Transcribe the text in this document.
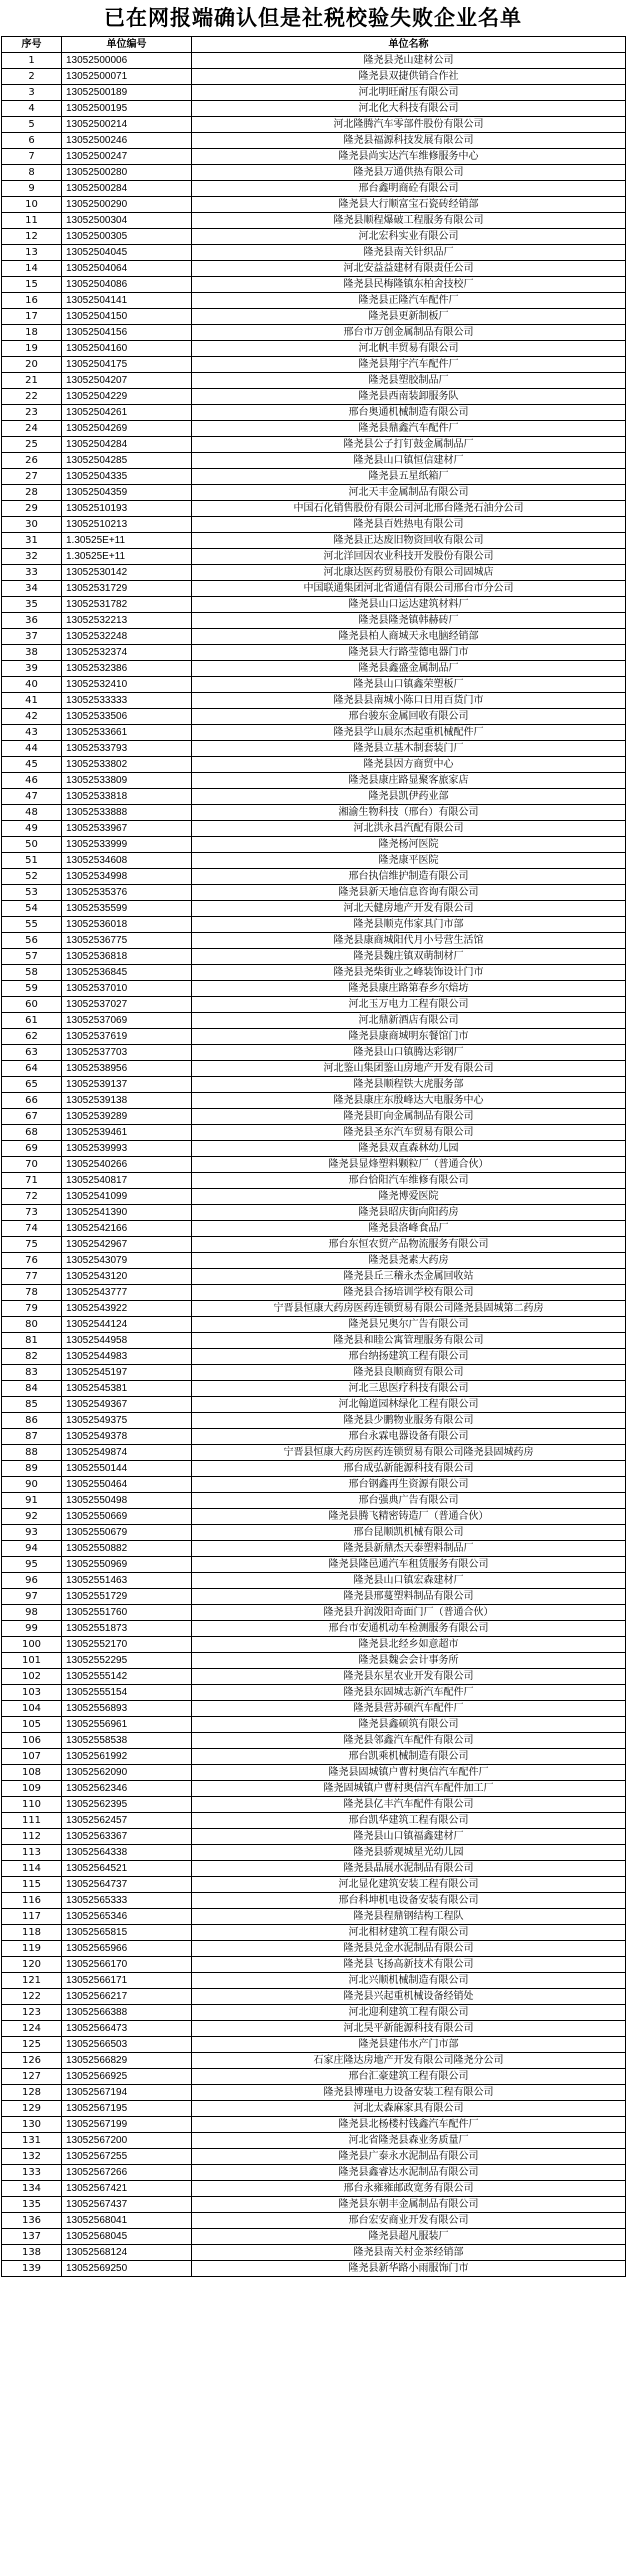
已在网报端确认但是社税校验失败企业名单
序号	单位编号	单位名称
1	13052500006	隆尧县尧山建材公司
2	13052500071	隆尧县双捷供销合作社
3	13052500189	河北明旺耐压有限公司
4	13052500195	河北化大科技有限公司
5	13052500214	河北隆腾汽车零部件股份有限公司
6	13052500246	隆尧县福源科技发展有限公司
7	13052500247	隆尧县尚实达汽车维修服务中心
8	13052500280	隆尧县万通供热有限公司
9	13052500284	邢台鑫明商砼有限公司
10	13052500290	隆尧县大行顺富宝石瓷砖经销部
11	13052500304	隆尧县顺程爆破工程服务有限公司
12	13052500305	河北宏科实业有限公司
13	13052504045	隆尧县南关针织品厂
14	13052504064	河北安益益建材有限责任公司
15	13052504086	隆尧县民梅隆镇东柏舍技校厂
16	13052504141	隆尧县正隆汽车配件厂
17	13052504150	隆尧县更新制板厂
18	13052504156	邢台市万创金属制品有限公司
19	13052504160	河北帆丰贸易有限公司
20	13052504175	隆尧县翔宇汽车配件厂
21	13052504207	隆尧县塑胶制品厂
22	13052504229	隆尧县西南装卸服务队
23	13052504261	邢台奥通机械制造有限公司
24	13052504269	隆尧县鼎鑫汽车配件厂
25	13052504284	隆尧县公子打钉鼓金属制品厂
26	13052504285	隆尧县山口镇恒信建材厂
27	13052504335	隆尧县五星纸箱厂
28	13052504359	河北天丰金属制品有限公司
29	13052510193	中国石化销售股份有限公司河北邢台隆尧石油分公司
30	13052510213	隆尧县百姓热电有限公司
31	1.30525E+11	隆尧县正达废旧物资回收有限公司
32	1.30525E+11	河北洋回因农业科技开发股份有限公司
33	13052530142	河北康达医药贸易股份有限公司固城店
34	13052531729	中国联通集团河北省通信有限公司邢台市分公司
35	13052531782	隆尧县山口运达建筑材料厂
36	13052532213	隆尧县隆尧镇韩赫砖厂
37	13052532248	隆尧县柏人商城天永电脑经销部
38	13052532374	隆尧县大行路莹德电器门市
39	13052532386	隆尧县鑫盛金属制品厂
40	13052532410	隆尧县山口镇鑫荣塑板厂
41	13052533333	隆尧县县南城小陈口日用百货门市
42	13052533506	邢台骏东金属回收有限公司
43	13052533661	隆尧县学山晨东杰起重机械配件厂
44	13052533793	隆尧县立基木制套装门厂
45	13052533802	隆尧县因方商贸中心
46	13052533809	隆尧县康庄路显聚客旅家店
47	13052533818	隆尧县凯伊药业部
48	13052533888	湘渝生物科技（邢台）有限公司
49	13052533967	河北洪永昌汽配有限公司
50	13052533999	隆尧杨河医院
51	13052534608	隆尧康平医院
52	13052534998	邢台执信维护制造有限公司
53	13052535376	隆尧县新天地信息咨询有限公司
54	13052535599	河北天健房地产开发有限公司
55	13052536018	隆尧县顺克伟家具门市部
56	13052536775	隆尧县康商城阳代月小号营生活馆
57	13052536818	隆尧县魏庄镇双萌制材厂
58	13052536845	隆尧县尧柴街业之峰装饰设计门市
59	13052537010	隆尧县康庄路第春乡尔焙坊
60	13052537027	河北玉万电力工程有限公司
61	13052537069	河北鼎新酒店有限公司
62	13052537619	隆尧县康商城明东餐馆门市
63	13052537703	隆尧县山口镇腾达彩钢厂
64	13052538956	河北鉴山集团鉴山房地产开发有限公司
65	13052539137	隆尧县顺程铁大虎服务部
66	13052539138	隆尧县康庄东殷峰达大电服务中心
67	13052539289	隆尧县盯向金属制品有限公司
68	13052539461	隆尧县圣东汽车贸易有限公司
69	13052539993	隆尧县双直森林幼儿园
70	13052540266	隆尧县显烽塑料颗粒厂（普通合伙）
71	13052540817	邢台恰阳汽车维修有限公司
72	13052541099	隆尧博爱医院
73	13052541390	隆尧县昭庆街向阳药房
74	13052542166	隆尧县洛峰食品厂
75	13052542967	邢台东恒农贸产品物流服务有限公司
76	13052543079	隆尧县尧素大药房
77	13052543120	隆尧县丘三稽永杰金属回收站
78	13052543777	隆尧县合扬培训学校有限公司
79	13052543922	宁晋县恒康大药房医药连锁贸易有限公司隆尧县固城第二药房
80	13052544124	隆尧县兄奥尔广告有限公司
81	13052544958	隆尧县和睦公寓管理服务有限公司
82	13052544983	邢台纳扬建筑工程有限公司
83	13052545197	隆尧县良顺商贸有限公司
84	13052545381	河北三思医疗科技有限公司
85	13052549367	河北翰道园林绿化工程有限公司
86	13052549375	隆尧县少鹏物业服务有限公司
87	13052549378	邢台永霖电器设备有限公司
88	13052549874	宁晋县恒康大药房医药连锁贸易有限公司隆尧县固城药房
89	13052550144	邢台成弘新能源科技有限公司
90	13052550464	邢台钢鑫再生资源有限公司
91	13052550498	邢台强典广告有限公司
92	13052550669	隆尧县腾飞精密铸造厂（普通合伙）
93	13052550679	邢台昆顺凯机械有限公司
94	13052550882	隆尧县新鼎杰天泰塑料制品厂
95	13052550969	隆尧县隆邑通汽车租赁服务有限公司
96	13052551463	隆尧县山口镇宏森建材厂
97	13052551729	隆尧县邢蔓塑料制品有限公司
98	13052551760	隆尧县升润泼阳奇面门厂（普通合伙）
99	13052551873	邢台市安通机动车检测服务有限公司
100	13052552170	隆尧县北经乡如意超市
101	13052552295	隆尧县魏会会计事务所
102	13052555142	隆尧县东星农业开发有限公司
103	13052555154	隆尧县东固城志新汽车配件厂
104	13052556893	隆尧县营苏硕汽车配件厂
105	13052556961	隆尧县鑫硕筑有限公司
106	13052558538	隆尧县邻鑫汽车配件有限公司
107	13052561992	邢台凯乘机械制造有限公司
108	13052562090	隆尧县固城镇户曹村奥信汽车配件厂
109	13052562346	隆尧固城镇户曹村奥信汽车配件加工厂
110	13052562395	隆尧县亿丰汽车配件有限公司
111	13052562457	邢台凯华建筑工程有限公司
112	13052563367	隆尧县山口镇福鑫建材厂
113	13052564338	隆尧县骄观城星光幼儿园
114	13052564521	隆尧县晶展水泥制品有限公司
115	13052564737	河北显化建筑安装工程有限公司
116	13052565333	邢台科坤机电设备安装有限公司
117	13052565346	隆尧县程鼎钢结构工程队
118	13052565815	河北相材建筑工程有限公司
119	13052565966	隆尧县兑金水泥制品有限公司
120	13052566170	隆尧县飞扬高新技术有限公司
121	13052566171	河北兴顺机械制造有限公司
122	13052566217	隆尧县兴起重机械设备经销处
123	13052566388	河北迎利建筑工程有限公司
124	13052566473	河北昊平新能源科技有限公司
125	13052566503	隆尧县建伟水产门市部
126	13052566829	石家庄隆达房地产开发有限公司隆尧分公司
127	13052566925	邢台汇豪建筑工程有限公司
128	13052567194	隆尧县博瑾电力设备安装工程有限公司
129	13052567195	河北太森麻家具有限公司
130	13052567199	隆尧县北杨楼村钱鑫汽车配件厂
131	13052567200	河北省隆尧县森业务质量厂
132	13052567255	隆尧县广泰永水泥制品有限公司
133	13052567266	隆尧县鑫睿达水泥制品有限公司
134	13052567421	邢台永雍雍邮政宽务有限公司
135	13052567437	隆尧县东朝丰金属制品有限公司
136	13052568041	邢台宏安商业开发有限公司
137	13052568045	隆尧县超凡服装厂
138	13052568124	隆尧县南关村金茶经销部
139	13052569250	隆尧县新华路小雨服饰门市
